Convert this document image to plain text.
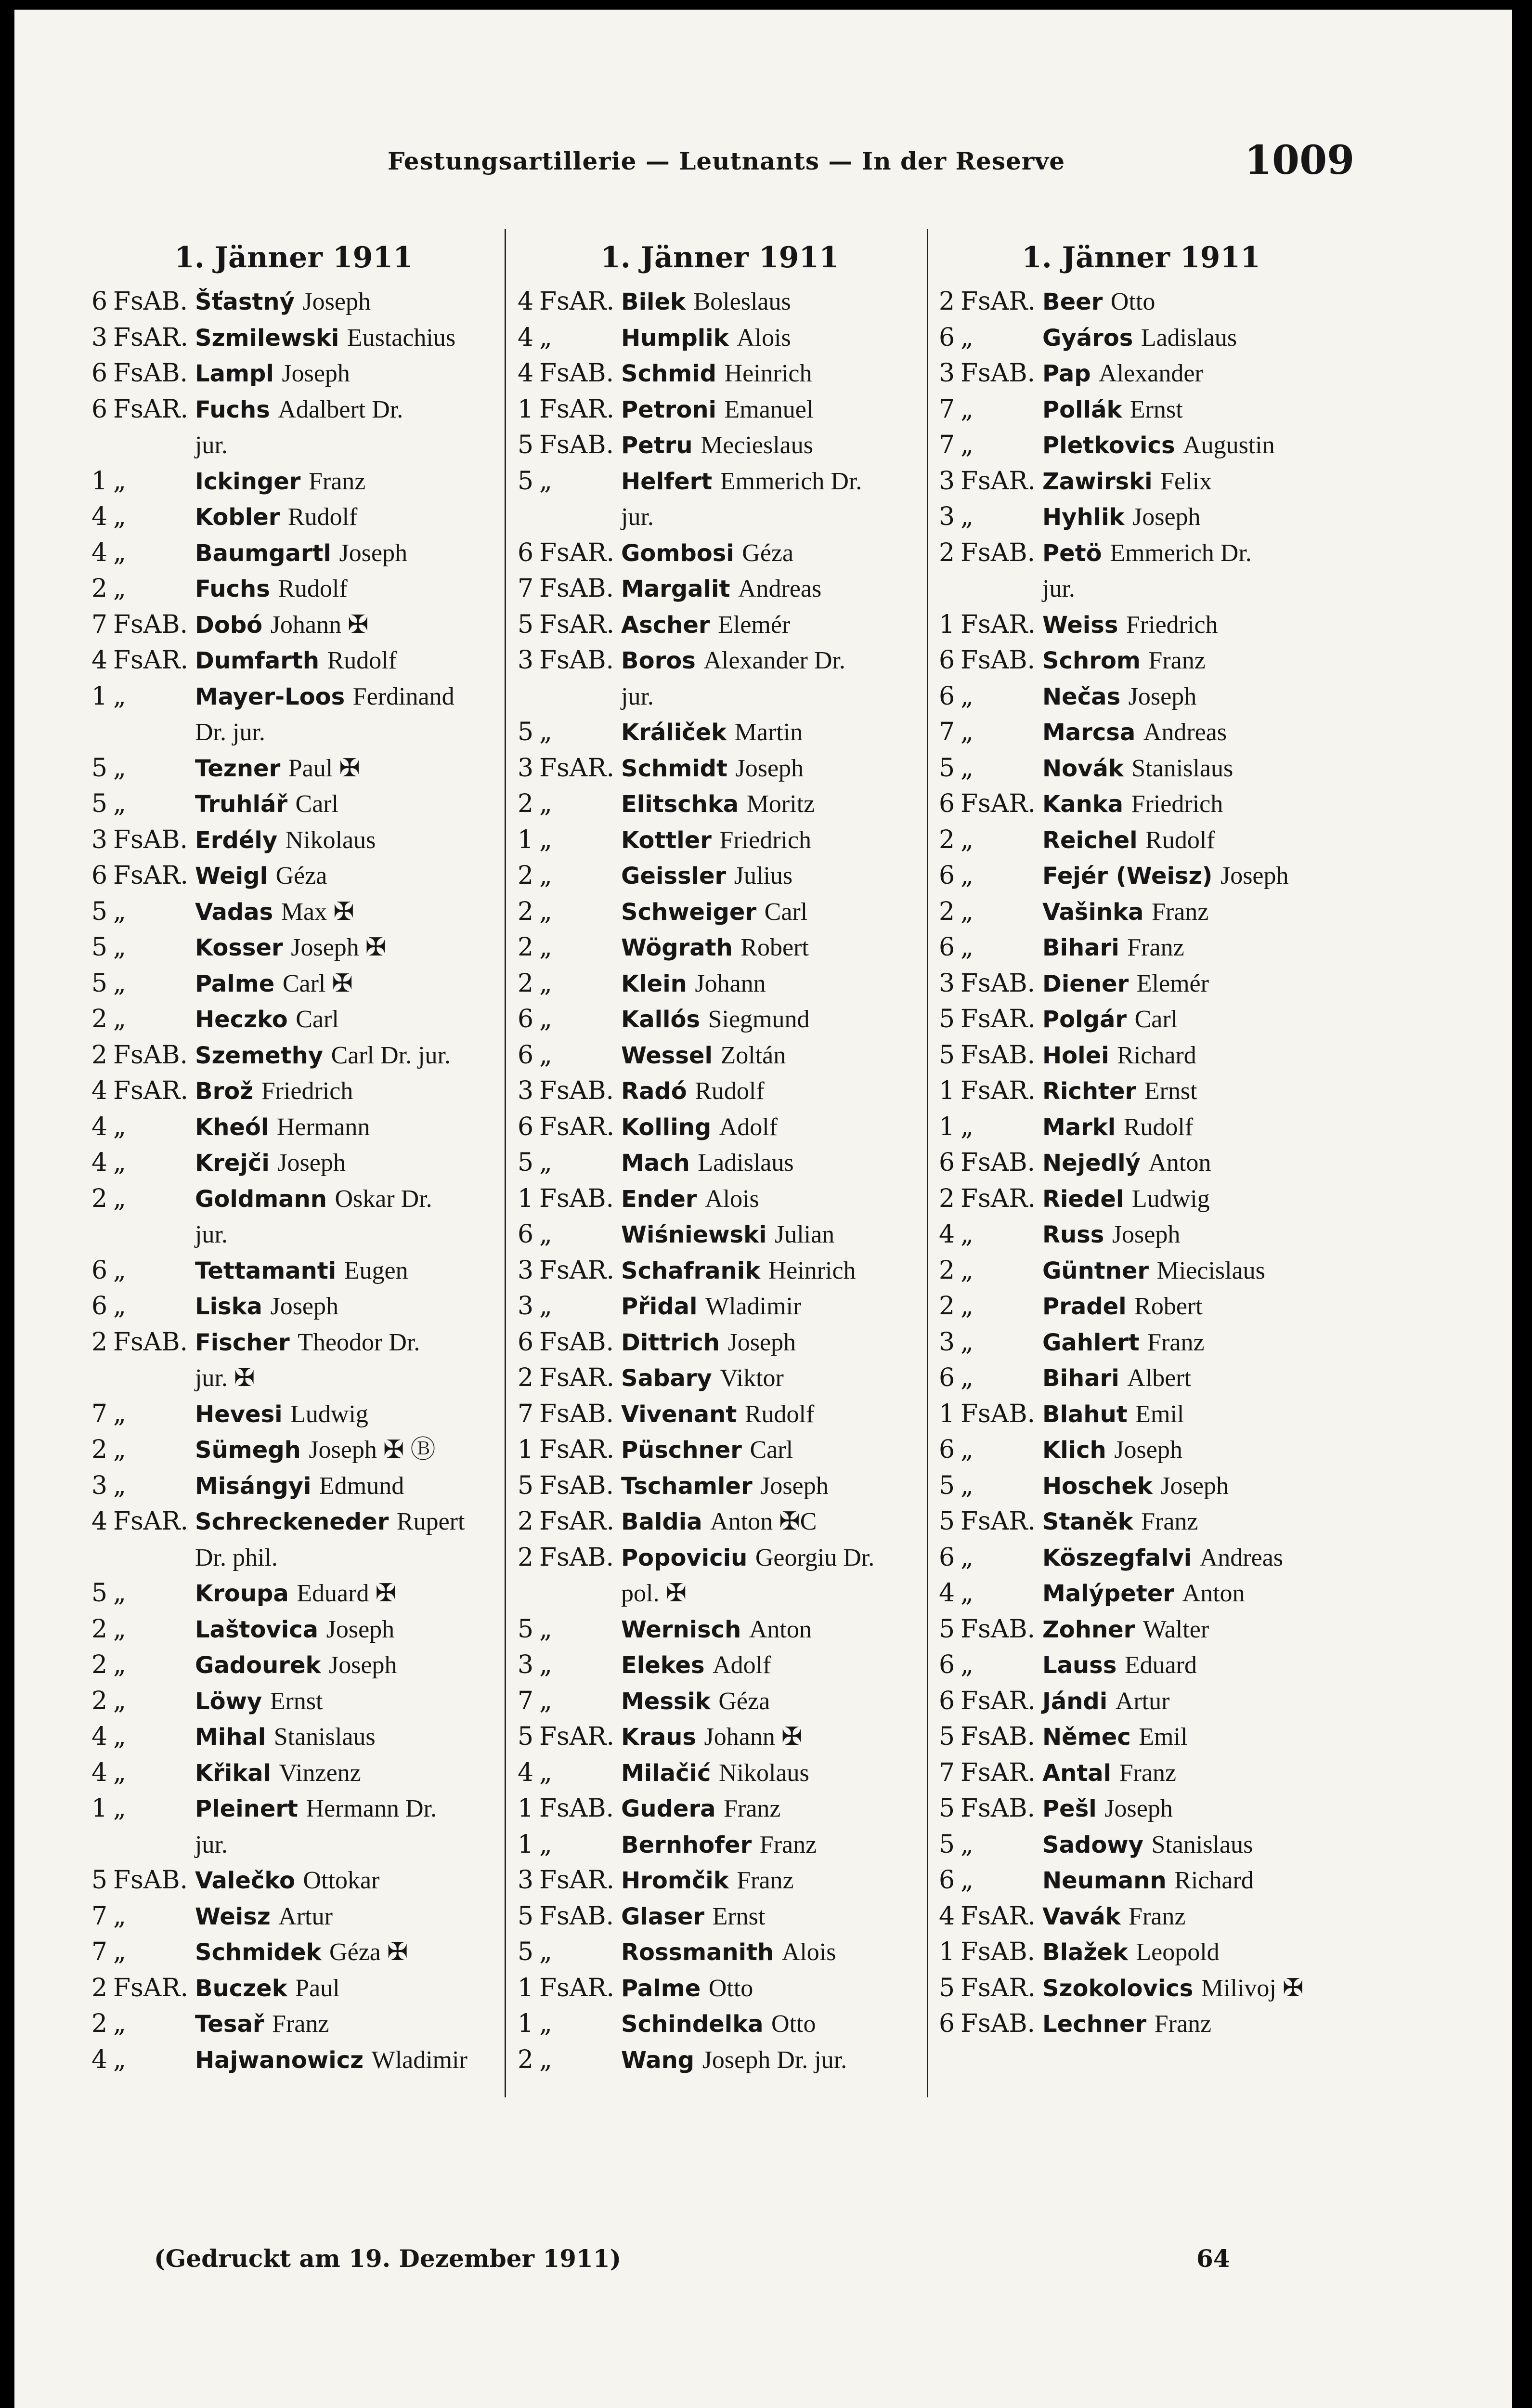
Festungsartillerie — Leutnants — In der Reserve	1009
1. Jänner 1911
6 FsAB. Šťastný Joseph
3 FsAR. Szmilewski Eustachius
6 FsAB. Lampl Joseph
6 FsAR. Fuchs Adalbert Dr.
jur.
1 „	Ickinger Franz
4 „	Kobler Rudolf
4 „	Baumgartl Joseph
2 „	Fuchs Rudolf
7 FsAB. Dobó Johann ✠
4 FsAR. Dumfarth Rudolf
1 „	Mayer-Loos Ferdinand
Dr. jur.
5 „	Tezner Paul ✠
5 „	Truhlář Carl
3 FsAB. Erdély Nikolaus
6 FsAR. Weigl Géza
5 „	Vadas Max ✠
5 „	Kosser Joseph ✠
5 „	Palme Carl ✠
2 „	Heczko Carl
2 FsAB. Szemethy Carl Dr. jur.
4 FsAR. Brož Friedrich
4 „	Kheól Hermann
4 „	Krejči Joseph
2 „	Goldmann Oskar Dr.
jur.
6 „	Tettamanti Eugen
6 „	Liska Joseph
2 FsAB. Fischer Theodor Dr.
jur. ✠
7 „	Hevesi Ludwig
2 „	Sümegh Joseph ✠ Ⓑ
3 „	Misángyi Edmund
4 FsAR. Schreckeneder Rupert
Dr. phil.
5 „	Kroupa Eduard ✠
2 „	Laštovica Joseph
2 „	Gadourek Joseph
2 „	Löwy Ernst
4 „	Mihal Stanislaus
4 „	Křikal Vinzenz
1 „	Pleinert Hermann Dr.
jur.
5 FsAB. Valečko Ottokar
7 „	Weisz Artur
7 „	Schmidek Géza ✠
2 FsAR. Buczek Paul
2 „	Tesař Franz
4 „	Hajwanowicz Wladimir
1. Jänner 1911
4 FsAR. Bilek Boleslaus
4 „	Humplik Alois
4 FsAB. Schmid Heinrich
1 FsAR. Petroni Emanuel
5 FsAB. Petru Mecieslaus
5 „	Helfert Emmerich Dr.
jur.
6 FsAR. Gombosi Géza
7 FsAB. Margalit Andreas
5 FsAR. Ascher Elemér
3 FsAB. Boros Alexander Dr.
jur.
5 „	Králiček Martin
3 FsAR. Schmidt Joseph
2 „	Elitschka Moritz
1 „	Kottler Friedrich
2 „	Geissler Julius
2 „	Schweiger Carl
2 „	Wögrath Robert
2 „	Klein Johann
6 „	Kallós Siegmund
6 „	Wessel Zoltán
3 FsAB. Radó Rudolf
6 FsAR. Kolling Adolf
5 „	Mach Ladislaus
1 FsAB. Ender Alois
6 „	Wiśniewski Julian
3 FsAR. Schafranik Heinrich
3 „	Přidal Wladimir
6 FsAB. Dittrich Joseph
2 FsAR. Sabary Viktor
7 FsAB. Vivenant Rudolf
1 FsAR. Püschner Carl
5 FsAB. Tschamler Joseph
2 FsAR. Baldia Anton ✠C
2 FsAB. Popoviciu Georgiu Dr.
pol. ✠
5 „	Wernisch Anton
3 „	Elekes Adolf
7 „	Messik Géza
5 FsAR. Kraus Johann ✠
4 „	Milačić Nikolaus
1 FsAB. Gudera Franz
1 „	Bernhofer Franz
3 FsAR. Hromčik Franz
5 FsAB. Glaser Ernst
5 „	Rossmanith Alois
1 FsAR. Palme Otto
1 „	Schindelka Otto
2 „	Wang Joseph Dr. jur.
1. Jänner 1911
2 FsAR. Beer Otto
6 „	Gyáros Ladislaus
3 FsAB. Pap Alexander
7 „	Pollák Ernst
7 „	Pletkovics Augustin
3 FsAR. Zawirski Felix
3 „	Hyhlik Joseph
2 FsAB. Petö Emmerich Dr.
jur.
1 FsAR. Weiss Friedrich
6 FsAB. Schrom Franz
6 „	Nečas Joseph
7 „	Marcsa Andreas
5 „	Novák Stanislaus
6 FsAR. Kanka Friedrich
2 „	Reichel Rudolf
6 „	Fejér (Weisz) Joseph
2 „	Vašinka Franz
6 „	Bihari Franz
3 FsAB. Diener Elemér
5 FsAR. Polgár Carl
5 FsAB. Holei Richard
1 FsAR. Richter Ernst
1 „	Markl Rudolf
6 FsAB. Nejedlý Anton
2 FsAR. Riedel Ludwig
4 „	Russ Joseph
2 „	Güntner Miecislaus
2 „	Pradel Robert
3 „	Gahlert Franz
6 „	Bihari Albert
1 FsAB. Blahut Emil
6 „	Klich Joseph
5 „	Hoschek Joseph
5 FsAR. Staněk Franz
6 „	Köszegfalvi Andreas
4 „	Malýpeter Anton
5 FsAB. Zohner Walter
6 „	Lauss Eduard
6 FsAR. Jándi Artur
5 FsAB. Němec Emil
7 FsAR. Antal Franz
5 FsAB. Pešl Joseph
5 „	Sadowy Stanislaus
6 „	Neumann Richard
4 FsAR. Vavák Franz
1 FsAB. Blažek Leopold
5 FsAR. Szokolovics Milivoj ✠
6 FsAB. Lechner Franz
(Gedruckt am 19. Dezember 1911)	64
